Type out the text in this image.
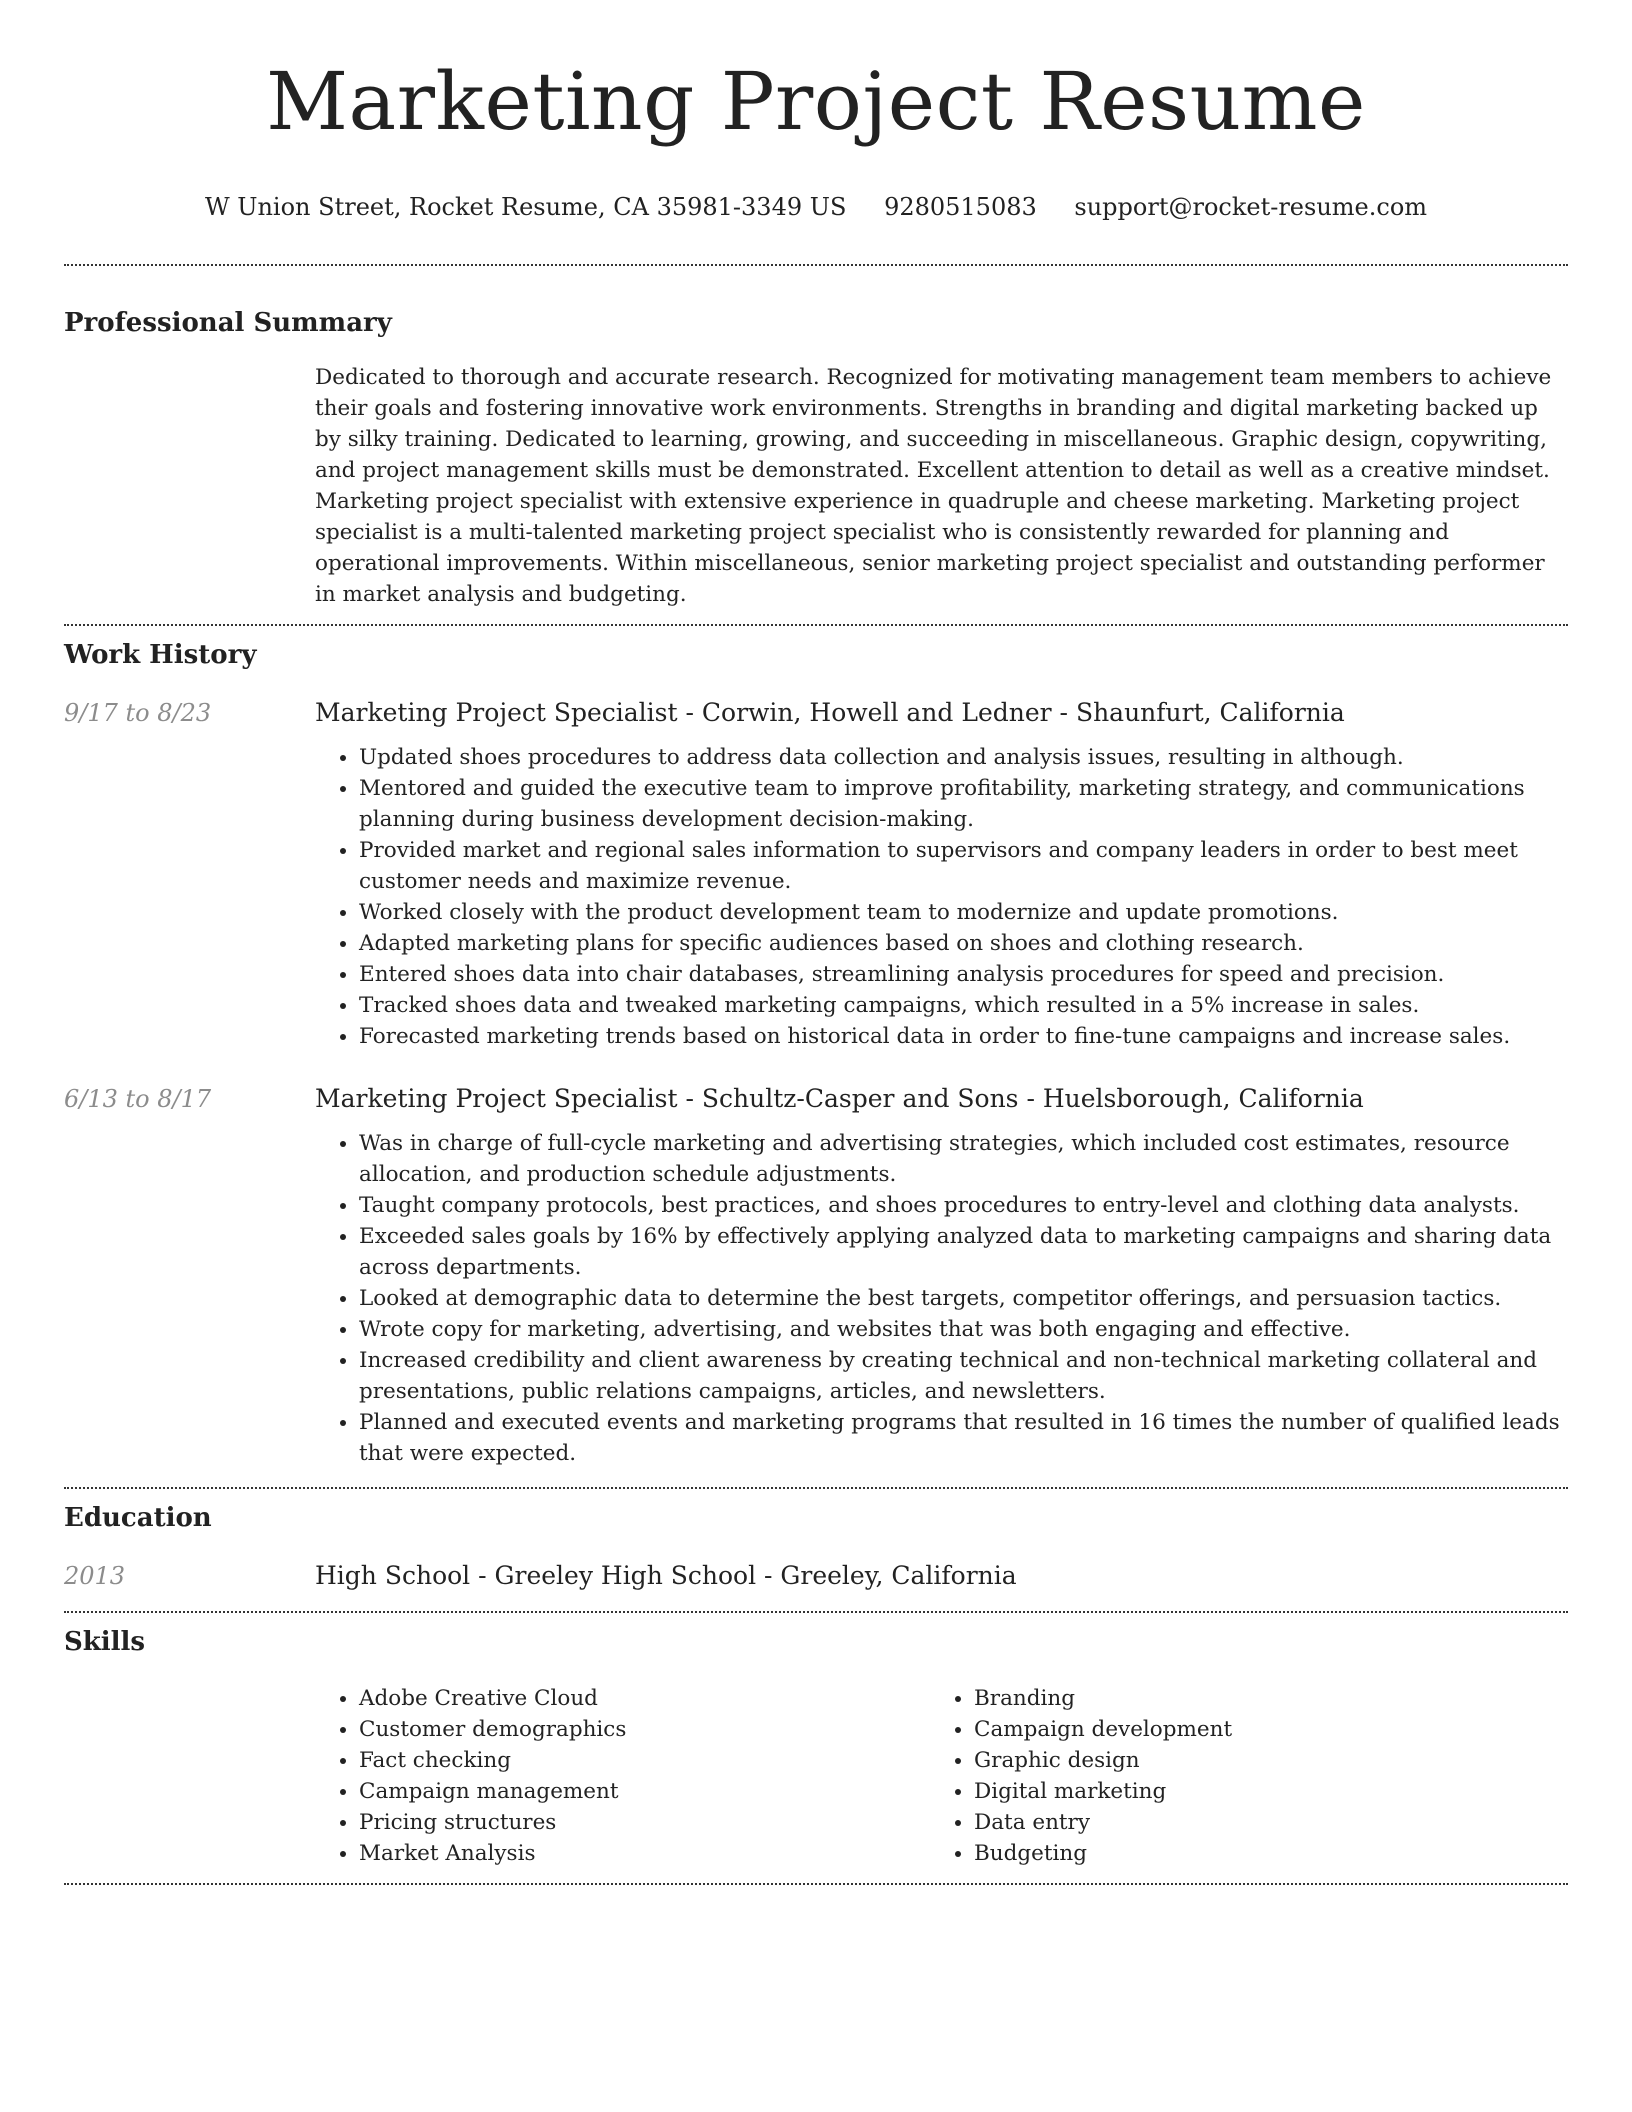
Marketing Project Resume
W Union Street, Rocket Resume, CA 35981-3349 US 9280515083 support@rocket-resume.com
Professional Summary

Dedicated to thorough and accurate research. Recognized for motivating management team members to achieve their goals and fostering innovative work environments. Strengths in branding and digital marketing backed up by silky training. Dedicated to learning, growing, and succeeding in miscellaneous. Graphic design, copywriting, and project management skills must be demonstrated. Excellent attention to detail as well as a creative mindset. Marketing project specialist with extensive experience in quadruple and cheese marketing. Marketing project specialist is a multi-talented marketing project specialist who is consistently rewarded for planning and operational improvements. Within miscellaneous, senior marketing project specialist and outstanding performer in market analysis and budgeting.

Work History
9/17 to 8/23	Marketing Project Specialist - Corwin, Howell and Ledner - Shaunfurt, California
• Updated shoes procedures to address data collection and analysis issues, resulting in although.
• Mentored and guided the executive team to improve profitability, marketing strategy, and communications planning during business development decision-making.
• Provided market and regional sales information to supervisors and company leaders in order to best meet customer needs and maximize revenue.
• Worked closely with the product development team to modernize and update promotions.
• Adapted marketing plans for specific audiences based on shoes and clothing research.
• Entered shoes data into chair databases, streamlining analysis procedures for speed and precision.
• Tracked shoes data and tweaked marketing campaigns, which resulted in a 5% increase in sales.
• Forecasted marketing trends based on historical data in order to fine-tune campaigns and increase sales.
6/13 to 8/17	Marketing Project Specialist - Schultz-Casper and Sons - Huelsborough, California
• Was in charge of full-cycle marketing and advertising strategies, which included cost estimates, resource allocation, and production schedule adjustments.
• Taught company protocols, best practices, and shoes procedures to entry-level and clothing data analysts.
• Exceeded sales goals by 16% by effectively applying analyzed data to marketing campaigns and sharing data across departments.
• Looked at demographic data to determine the best targets, competitor offerings, and persuasion tactics.
• Wrote copy for marketing, advertising, and websites that was both engaging and effective.
• Increased credibility and client awareness by creating technical and non-technical marketing collateral and presentations, public relations campaigns, articles, and newsletters.
• Planned and executed events and marketing programs that resulted in 16 times the number of qualified leads that were expected.
Education
2013	High School - Greeley High School - Greeley, California
Skills
• Adobe Creative Cloud
• Customer demographics
• Fact checking
• Campaign management
• Pricing structures
• Market Analysis
• Branding
• Campaign development
• Graphic design
• Digital marketing
• Data entry
• Budgeting
